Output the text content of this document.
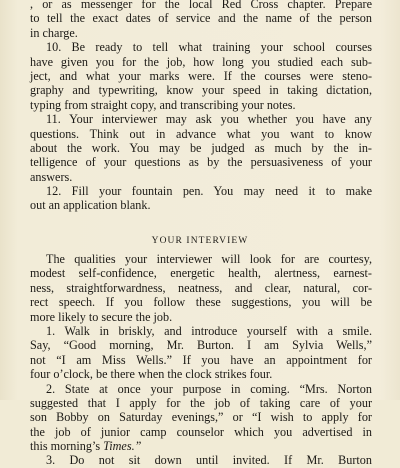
, or as messenger for the local Red Cross chapter. Prepare
to tell the exact dates of service and the name of the person
in charge.
10. Be ready to tell what training your school courses
have given you for the job, how long you studied each sub-
ject, and what your marks were. If the courses were steno-
graphy and typewriting, know your speed in taking dictation,
typing from straight copy, and transcribing your notes.
11. Your interviewer may ask you whether you have any
questions. Think out in advance what you want to know
about the work. You may be judged as much by the in-
telligence of your questions as by the persuasiveness of your
answers.
12. Fill your fountain pen. You may need it to make
out an application blank.
YOUR INTERVIEW
The qualities your interviewer will look for are courtesy,
modest self-confidence, energetic health, alertness, earnest-
ness, straightforwardness, neatness, and clear, natural, cor-
rect speech. If you follow these suggestions, you will be
more likely to secure the job.
1. Walk in briskly, and introduce yourself with a smile.
Say, “Good morning, Mr. Burton. I am Sylvia Wells,”
not “I am Miss Wells.” If you have an appointment for
four o’clock, be there when the clock strikes four.
2. State at once your purpose in coming. “Mrs. Norton
suggested that I apply for the job of taking care of your
son Bobby on Saturday evenings,” or “I wish to apply for
the job of junior camp counselor which you advertised in
this morning’s Times.”
3. Do not sit down until invited. If Mr. Burton
